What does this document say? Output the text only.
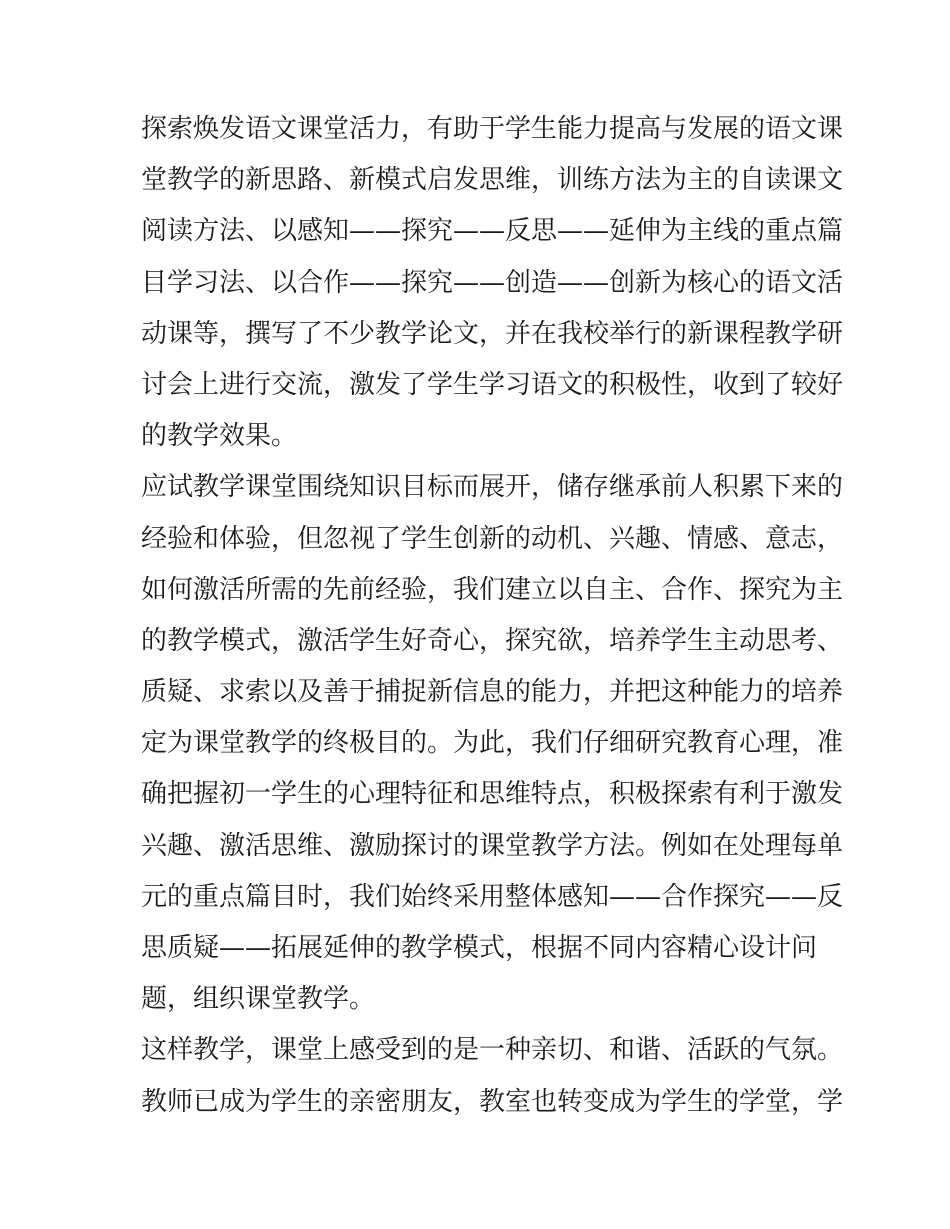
探索焕发语文课堂活力，有助于学生能力提高与发展的语文课
堂教学的新思路、新模式启发思维，训练方法为主的自读课文
阅读方法、以感知——探究——反思——延伸为主线的重点篇
目学习法、以合作——探究——创造——创新为核心的语文活
动课等，撰写了不少教学论文，并在我校举行的新课程教学研
讨会上进行交流，激发了学生学习语文的积极性，收到了较好
的教学效果。
应试教学课堂围绕知识目标而展开，储存继承前人积累下来的
经验和体验，但忽视了学生创新的动机、兴趣、情感、意志，
如何激活所需的先前经验，我们建立以自主、合作、探究为主
的教学模式，激活学生好奇心，探究欲，培养学生主动思考、
质疑、求索以及善于捕捉新信息的能力，并把这种能力的培养
定为课堂教学的终极目的。为此，我们仔细研究教育心理，准
确把握初一学生的心理特征和思维特点，积极探索有利于激发
兴趣、激活思维、激励探讨的课堂教学方法。例如在处理每单
元的重点篇目时，我们始终采用整体感知——合作探究——反
思质疑——拓展延伸的教学模式，根据不同内容精心设计问
题，组织课堂教学。
这样教学，课堂上感受到的是一种亲切、和谐、活跃的气氛。
教师已成为学生的亲密朋友，教室也转变成为学生的学堂，学
